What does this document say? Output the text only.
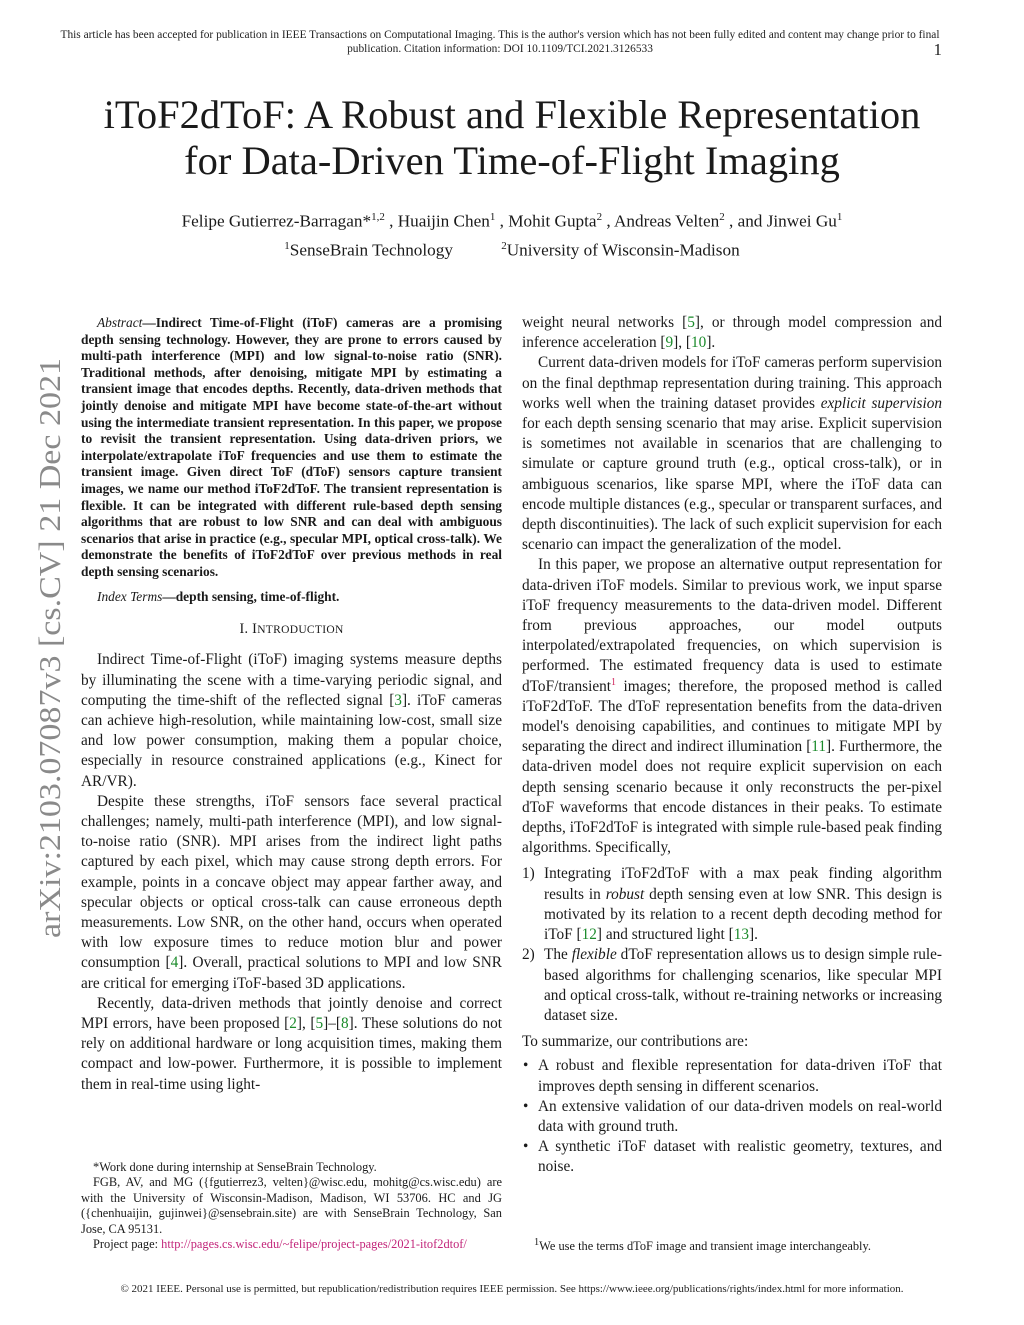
This article has been accepted for publication in IEEE Transactions on Computational Imaging. This is the author's version which has not been fully edited and content may change prior to final publication. Citation information: DOI 10.1109/TCI.2021.3126533	1
iToF2dToF: A Robust and Flexible Representation
for Data-Driven Time-of-Flight Imaging
Felipe Gutierrez-Barragan*$^{1,2}$ , Huaijin Chen$^1$ , Mohit Gupta$^2$ , Andreas Velten$^2$ , and Jinwei Gu$^1$
$^1$SenseBrain Technology	$^2$University of Wisconsin-Madison
arXiv:2103.07087v3 [cs.CV] 21 Dec 2021

Abstract—Indirect Time-of-Flight (iToF) cameras are a promising depth sensing technology. However, they are prone to errors caused by multi-path interference (MPI) and low signal-to-noise ratio (SNR). Traditional methods, after denoising, mitigate MPI by estimating a transient image that encodes depths. Recently, data-driven methods that jointly denoise and mitigate MPI have become state-of-the-art without using the intermediate transient representation. In this paper, we propose to revisit the transient representation. Using data-driven priors, we interpolate/extrapolate iToF frequencies and use them to estimate the transient image. Given direct ToF (dToF) sensors capture transient images, we name our method iToF2dToF. The transient representation is flexible. It can be integrated with different rule-based depth sensing algorithms that are robust to low SNR and can deal with ambiguous scenarios that arise in practice (e.g., specular MPI, optical cross-talk). We demonstrate the benefits of iToF2dToF over previous methods in real depth sensing scenarios.

Index Terms—depth sensing, time-of-flight.

I. INTRODUCTION

Indirect Time-of-Flight (iToF) imaging systems measure depths by illuminating the scene with a time-varying periodic signal, and computing the time-shift of the reflected signal [3]. iToF cameras can achieve high-resolution, while maintaining low-cost, small size and low power consumption, making them a popular choice, especially in resource constrained applications (e.g., Kinect for AR/VR).

Despite these strengths, iToF sensors face several practical challenges; namely, multi-path interference (MPI), and low signal-to-noise ratio (SNR). MPI arises from the indirect light paths captured by each pixel, which may cause strong depth errors. For example, points in a concave object may appear farther away, and specular objects or optical cross-talk can cause erroneous depth measurements. Low SNR, on the other hand, occurs when operated with low exposure times to reduce motion blur and power consumption [4]. Overall, practical solutions to MPI and low SNR are critical for emerging iToF-based 3D applications.

Recently, data-driven methods that jointly denoise and correct MPI errors, have been proposed [2], [5]–[8]. These solutions do not rely on additional hardware or long acquisition times, making them compact and low-power. Furthermore, it is possible to implement them in real-time using light-

*Work done during internship at SenseBrain Technology.

FGB, AV, and MG ({fgutierrez3, velten}@wisc.edu, mohitg@cs.wisc.edu) are with the University of Wisconsin-Madison, Madison, WI 53706. HC and JG ({chenhuaijin, gujinwei}@sensebrain.site) are with SenseBrain Technology, San Jose, CA 95131.

Project page: http://pages.cs.wisc.edu/~felipe/project-pages/2021-itof2dtof/

weight neural networks [5], or through model compression and inference acceleration [9], [10].

Current data-driven models for iToF cameras perform supervision on the final depthmap representation during training. This approach works well when the training dataset provides explicit supervision for each depth sensing scenario that may arise. Explicit supervision is sometimes not available in scenarios that are challenging to simulate or capture ground truth (e.g., optical cross-talk), or in ambiguous scenarios, like sparse MPI, where the iToF data can encode multiple distances (e.g., specular or transparent surfaces, and depth discontinuities). The lack of such explicit supervision for each scenario can impact the generalization of the model.

In this paper, we propose an alternative output representation for data-driven iToF models. Similar to previous work, we input sparse iToF frequency measurements to the data-driven model. Different from previous approaches, our model outputs interpolated/extrapolated frequencies, on which supervision is performed. The estimated frequency data is used to estimate dToF/transient$^1$ images; therefore, the proposed method is called iToF2dToF. The dToF representation benefits from the data-driven model's denoising capabilities, and continues to mitigate MPI by separating the direct and indirect illumination [11]. Furthermore, the data-driven model does not require explicit supervision on each depth sensing scenario because it only reconstructs the per-pixel dToF waveforms that encode distances in their peaks. To estimate depths, iToF2dToF is integrated with simple rule-based peak finding algorithms. Specifically,

1) Integrating iToF2dToF with a max peak finding algorithm results in robust depth sensing even at low SNR. This design is motivated by its relation to a recent depth decoding method for iToF [12] and structured light [13].
2) The flexible dToF representation allows us to design simple rule-based algorithms for challenging scenarios, like specular MPI and optical cross-talk, without re-training networks or increasing dataset size.

To summarize, our contributions are:

• A robust and flexible representation for data-driven iToF that improves depth sensing in different scenarios.
• An extensive validation of our data-driven models on real-world data with ground truth.
• A synthetic iToF dataset with realistic geometry, textures, and noise.

$^1$We use the terms dToF image and transient image interchangeably.

© 2021 IEEE. Personal use is permitted, but republication/redistribution requires IEEE permission. See https://www.ieee.org/publications/rights/index.html for more information.
